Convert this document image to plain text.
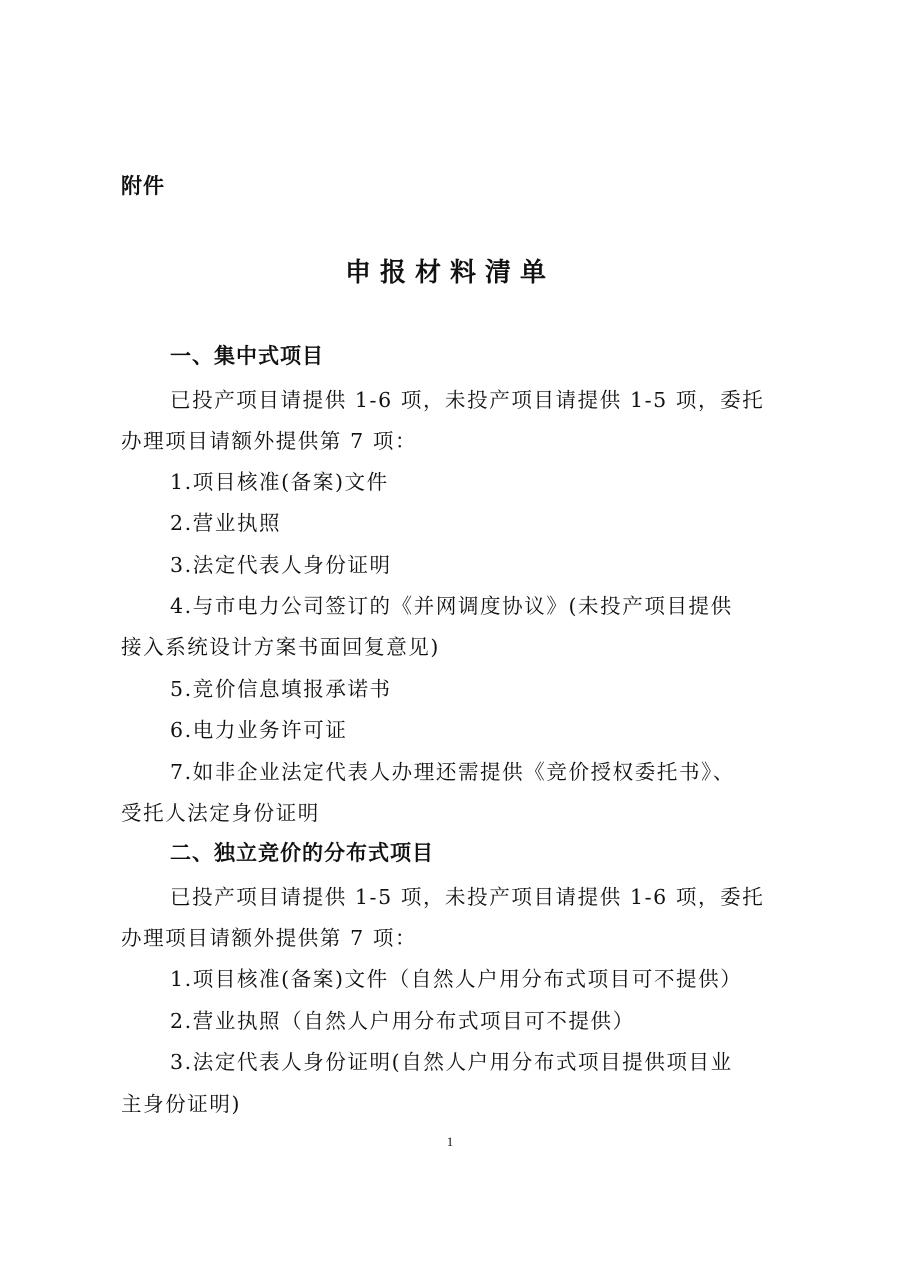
附件
申报材料清单
一、集中式项目
已投产项目请提供 1-6 项，未投产项目请提供 1-5 项，委托
办理项目请额外提供第 7 项：
1.项目核准(备案)文件
2.营业执照
3.法定代表人身份证明
4.与市电力公司签订的《并网调度协议》(未投产项目提供
接入系统设计方案书面回复意见)
5.竞价信息填报承诺书
6.电力业务许可证
7.如非企业法定代表人办理还需提供《竞价授权委托书》、
受托人法定身份证明
二、独立竞价的分布式项目
已投产项目请提供 1-5 项，未投产项目请提供 1-6 项，委托
办理项目请额外提供第 7 项：
1.项目核准(备案)文件（自然人户用分布式项目可不提供）
2.营业执照（自然人户用分布式项目可不提供）
3.法定代表人身份证明(自然人户用分布式项目提供项目业
主身份证明)
1
